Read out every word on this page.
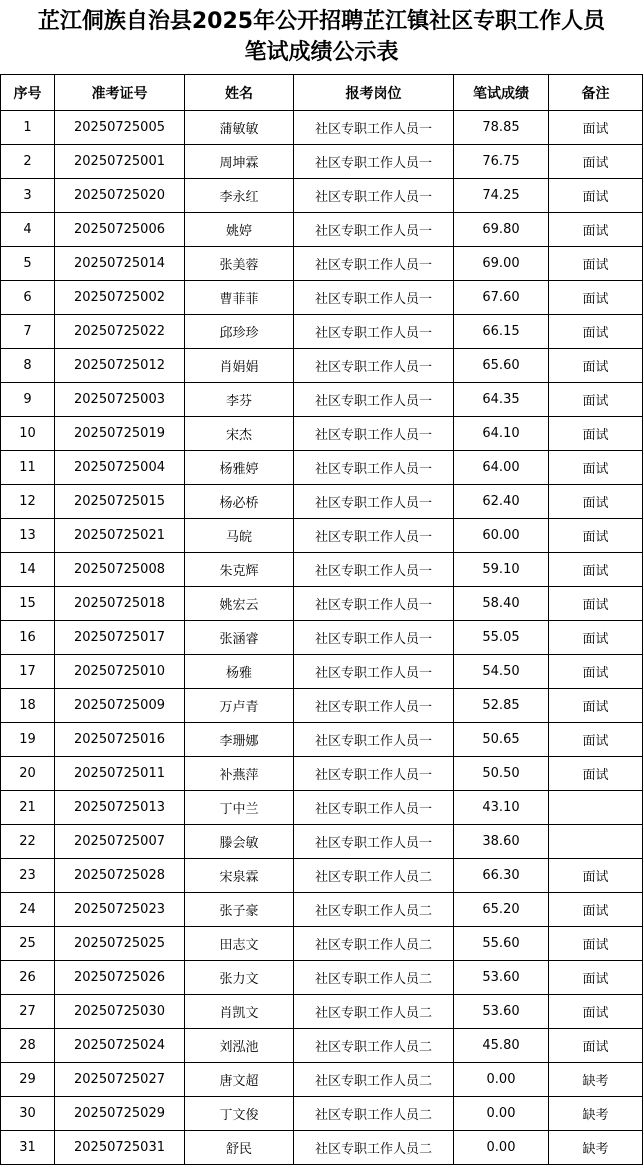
芷江侗族自治县2025年公开招聘芷江镇社区专职工作人员
笔试成绩公示表
序号	准考证号	姓名	报考岗位	笔试成绩	备注
1	20250725005	蒲敏敏	社区专职工作人员一	78.85	面试
2	20250725001	周坤霖	社区专职工作人员一	76.75	面试
3	20250725020	李永红	社区专职工作人员一	74.25	面试
4	20250725006	姚婷	社区专职工作人员一	69.80	面试
5	20250725014	张美蓉	社区专职工作人员一	69.00	面试
6	20250725002	曹菲菲	社区专职工作人员一	67.60	面试
7	20250725022	邱珍珍	社区专职工作人员一	66.15	面试
8	20250725012	肖娟娟	社区专职工作人员一	65.60	面试
9	20250725003	李芬	社区专职工作人员一	64.35	面试
10	20250725019	宋杰	社区专职工作人员一	64.10	面试
11	20250725004	杨雅婷	社区专职工作人员一	64.00	面试
12	20250725015	杨必桥	社区专职工作人员一	62.40	面试
13	20250725021	马皖	社区专职工作人员一	60.00	面试
14	20250725008	朱克辉	社区专职工作人员一	59.10	面试
15	20250725018	姚宏云	社区专职工作人员一	58.40	面试
16	20250725017	张涵睿	社区专职工作人员一	55.05	面试
17	20250725010	杨雅	社区专职工作人员一	54.50	面试
18	20250725009	万卢青	社区专职工作人员一	52.85	面试
19	20250725016	李珊娜	社区专职工作人员一	50.65	面试
20	20250725011	补燕萍	社区专职工作人员一	50.50	面试
21	20250725013	丁中兰	社区专职工作人员一	43.10	
22	20250725007	滕会敏	社区专职工作人员一	38.60	
23	20250725028	宋泉霖	社区专职工作人员二	66.30	面试
24	20250725023	张子豪	社区专职工作人员二	65.20	面试
25	20250725025	田志文	社区专职工作人员二	55.60	面试
26	20250725026	张力文	社区专职工作人员二	53.60	面试
27	20250725030	肖凯文	社区专职工作人员二	53.60	面试
28	20250725024	刘泓池	社区专职工作人员二	45.80	面试
29	20250725027	唐文超	社区专职工作人员二	0.00	缺考
30	20250725029	丁文俊	社区专职工作人员二	0.00	缺考
31	20250725031	舒民	社区专职工作人员二	0.00	缺考
